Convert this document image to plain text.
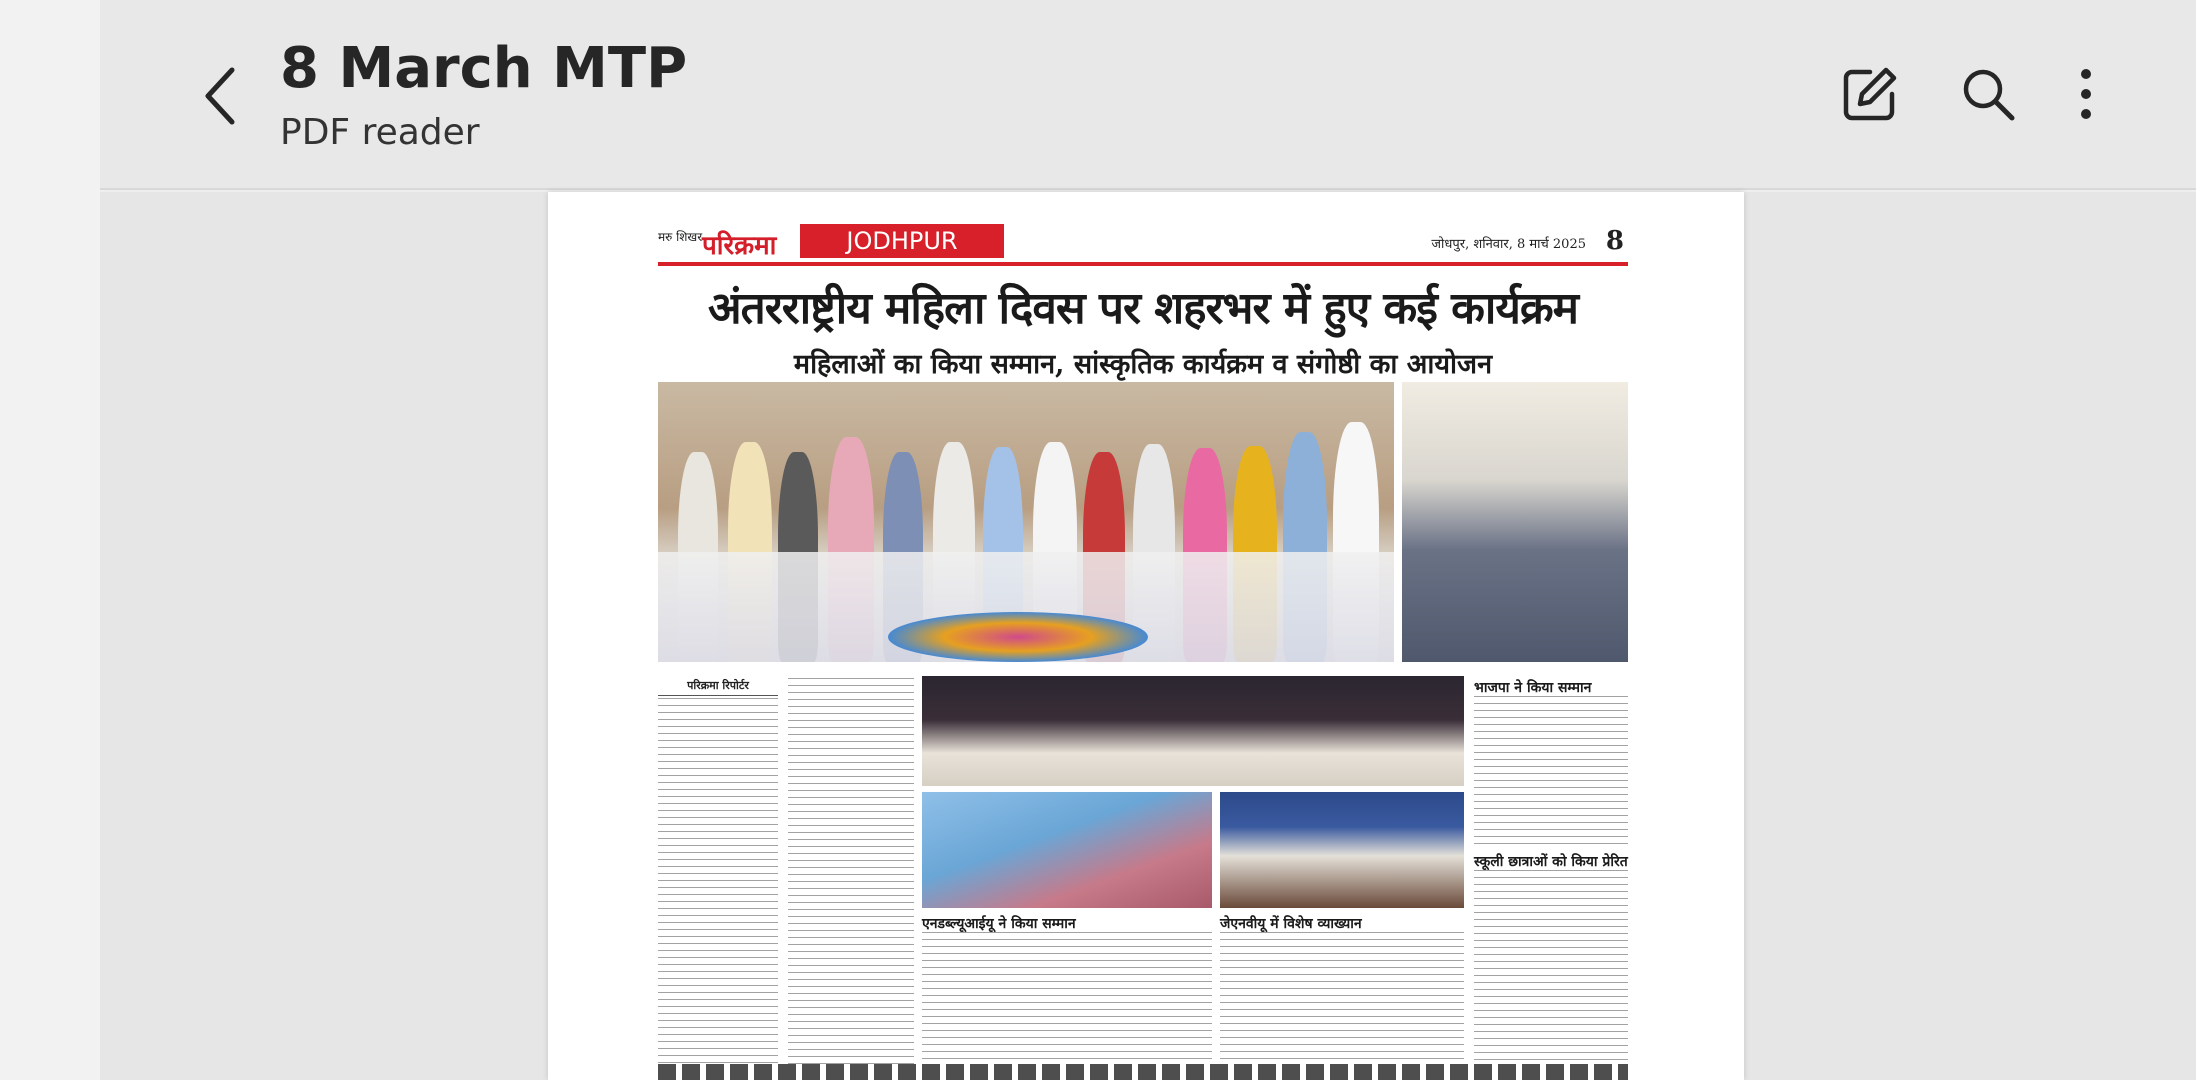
8 March MTP
PDF reader
मरु शिखर परिक्रमा	JODHPUR	जोधपुर, शनिवार, 8 मार्च 2025 8
अंतरराष्ट्रीय महिला दिवस पर शहरभर में हुए कई कार्यक्रम
महिलाओं का किया सम्मान, सांस्कृतिक कार्यक्रम व संगोष्ठी का आयोजन
परिक्रमा रिपोर्टर
एनडब्ल्यूआईयू ने किया सम्मान	जेएनवीयू में विशेष व्याख्यान
भाजपा ने किया सम्मान
स्कूली छात्राओं को किया प्रेरित
